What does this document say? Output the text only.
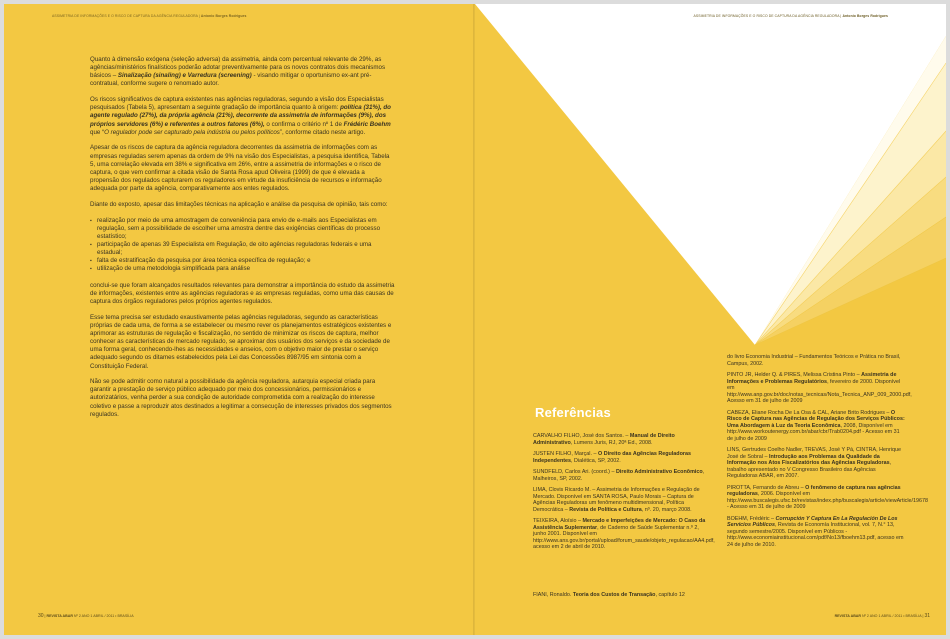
ASSIMETRIA DE INFORMAÇÕES E O RISCO DE CAPTURA DA AGÊNCIA REGULADORA | Antonio Borges Rodrigues

Quanto à dimensão exógena (seleção adversa) da assimetria, ainda com percentual relevante de 29%, as agências/ministérios finalísticos poderão adotar preventivamente para os novos contratos dois mecanismos básicos – Sinalização (sinaling) e Varredura (screening) - visando mitigar o oportunismo ex-ant pré-contratual, conforme sugere o renomado autor.

Os riscos significativos de captura existentes nas agências reguladoras, segundo a visão dos Especialistas pesquisados (Tabela 5), apresentam a seguinte gradação de importância quanto à origem: política (31%), do agente regulado (27%), da própria agência (21%), decorrente da assimetria de informações (9%), dos próprios servidores (6%) e referentes a outros fatores (6%), o confirma o critério nº 1 de Frédéric Boehm que “O regulador pode ser capturado pela indústria ou pelos políticos”, conforme citado neste artigo.

Apesar de os riscos de captura da agência reguladora decorrentes da assimetria de informações com as empresas reguladas serem apenas da ordem de 9% na visão dos Especialistas, a pesquisa identifica, Tabela 5, uma correlação elevada em 38% e significativa em 26%, entre a assimetria de informações e o risco de captura, o que vem confirmar a citada visão de Santa Rosa apud Oliveira (1999) de que é elevada a propensão dos regulados capturarem os reguladores em virtude da insuficiência de recursos e informação adequada por parte da agência, comparativamente aos entes regulados.

Diante do exposto, apesar das limitações técnicas na aplicação e análise da pesquisa de opinião, tais como:

▪ realização por meio de uma amostragem de conveniência para envio de e-mails aos Especialistas em regulação, sem a possibilidade de escolher uma amostra dentre das exigências científicas do processo estatístico;
▪ participação de apenas 39 Especialista em Regulação, de oito agências reguladoras federais e uma estadual;
▪ falta de estratificação da pesquisa por área técnica específica de regulação; e
▪ utilização de uma metodologia simplificada para análise

conclui-se que foram alcançados resultados relevantes para demonstrar a importância do estudo da assimetria de informações, existentes entre as agências reguladoras e as empresas reguladas, como uma das causas de captura dos órgãos reguladores pelos próprios agentes regulados.

Esse tema precisa ser estudado exaustivamente pelas agências reguladoras, segundo as características próprias de cada uma, de forma a se estabelecer ou mesmo rever os planejamentos estratégicos existentes e aprimorar as estruturas de regulação e fiscalização, no sentido de minimizar os riscos de captura, melhor conhecer as características de mercado regulado, se aproximar dos usuários dos serviços e da sociedade de uma forma geral, conhecendo-lhes as necessidades e anseios, com o objetivo maior de prestar o serviço adequado segundo os ditames estabelecidos pela Lei das Concessões 8987/95 em sintonia com a Constituição Federal.

Não se pode admitir como natural a possibilidade da agência reguladora, autarquia especial criada para garantir a prestação de serviço público adequado por meio dos concessionários, permissionários e autorizatários, venha perder a sua condição de autoridade comprometida com a realização do interesse coletivo e passe a reproduzir atos destinados a legitimar a consecução de interesses privados dos segmentos regulados.

30 | REVISTA ABAR Nº 2 ANO 1 ABRIL / 2011 • BRASÍLIA
ASSIMETRIA DE INFORMAÇÕES E O RISCO DE CAPTURA DA AGÊNCIA REGULADORA | Antonio Borges Rodrigues
Referências
CARVALHO FILHO, José dos Santos. – Manual de Direito Administrativo, Lumens Juris, RJ, 20ª Ed., 2008.
JUSTEN FILHO, Marçal. – O Direito das Agências Reguladoras Independentes, Dialética, SP, 2002.
SUNDFELD, Carlos Ari. (coord.) – Direito Administrativo Econômico, Malheiros, SP, 2002.
LIMA, Clovis Ricardo M. – Assimetria de Informações e Regulação de Mercado. Disponível em SANTA ROSA, Paulo Morais – Captura de Agências Reguladoras um fenômeno multidimensional, Política Democrática – Revista de Política e Cultura, nº. 20, março 2008.
TEIXEIRA, Aloísio – Mercado e Imperfeições de Mercado: O Caso da Assistência Suplementar, de Caderno de Saúde Suplementar n.º 2, junho 2001. Disponível em http://www.ans.gov.br/portal/upload/forum_saude/objeto_regulacao/AA4.pdf, acesso em 2 de abril de 2010.
FIANI, Ronaldo. Teoria dos Custos de Transação, capítulo 12
do livro Economia Industrial – Fundamentos Teóricos e Prática no Brasil, Campus, 2002.
PINTO JR, Helder Q. & PIRES, Melissa Cristina Pinto – Assimetria de Informações e Problemas Regulatórios, fevereiro de 2000. Disponível em http://www.anp.gov.br/doc/notas_tecnicas/Nota_Tecnica_ANP_009_2000.pdf, Acesso em 31 de julho de 2009
CABEZA, Eliane Rocha De La Osa & CAL, Ariane Brito Rodrigues – O Risco de Captura nas Agências de Regulação dos Serviços Públicos: Uma Abordagem à Luz da Teoria Econômica, 2008, Disponível em http://www.workoutenergy.com.br/abar/cbr/Trab0204.pdf - Acesso em 31 de julho de 2009
LINS, Gertrudes Coelho Nadler, TREVAS, José Y Pá, CINTRA, Henrique José de Sobral – Introdução aos Problemas da Qualidade da Informação nos Atos Fiscalizatórios das Agências Reguladoras, trabalho apresentado no V Congresso Brasileiro das Agências Reguladoras ABAR, em 2007.
PIROTTA, Fernando de Abreu – O fenômeno de captura nas agências reguladoras, 2006. Disponível em http://www.buscalegis.ufsc.br/revistas/index.php/buscalegis/article/viewArticle/19678 - Acesso em 31 de julho de 2009
BOEHM, Frédéric – Corrupción Y Captura En La Regulación De Los Servicios Públicos, Revista de Economía Institucional, vol. 7, N.° 13, segundo semestre/2005. Disponível em Públicos - http://www.economiainstitucional.com/pdf/No13/fboehm13.pdf, acesso em 24 de julho de 2010.
REVISTA ABAR Nº 2 ANO 1 ABRIL / 2011 • BRASÍLIA | 31
